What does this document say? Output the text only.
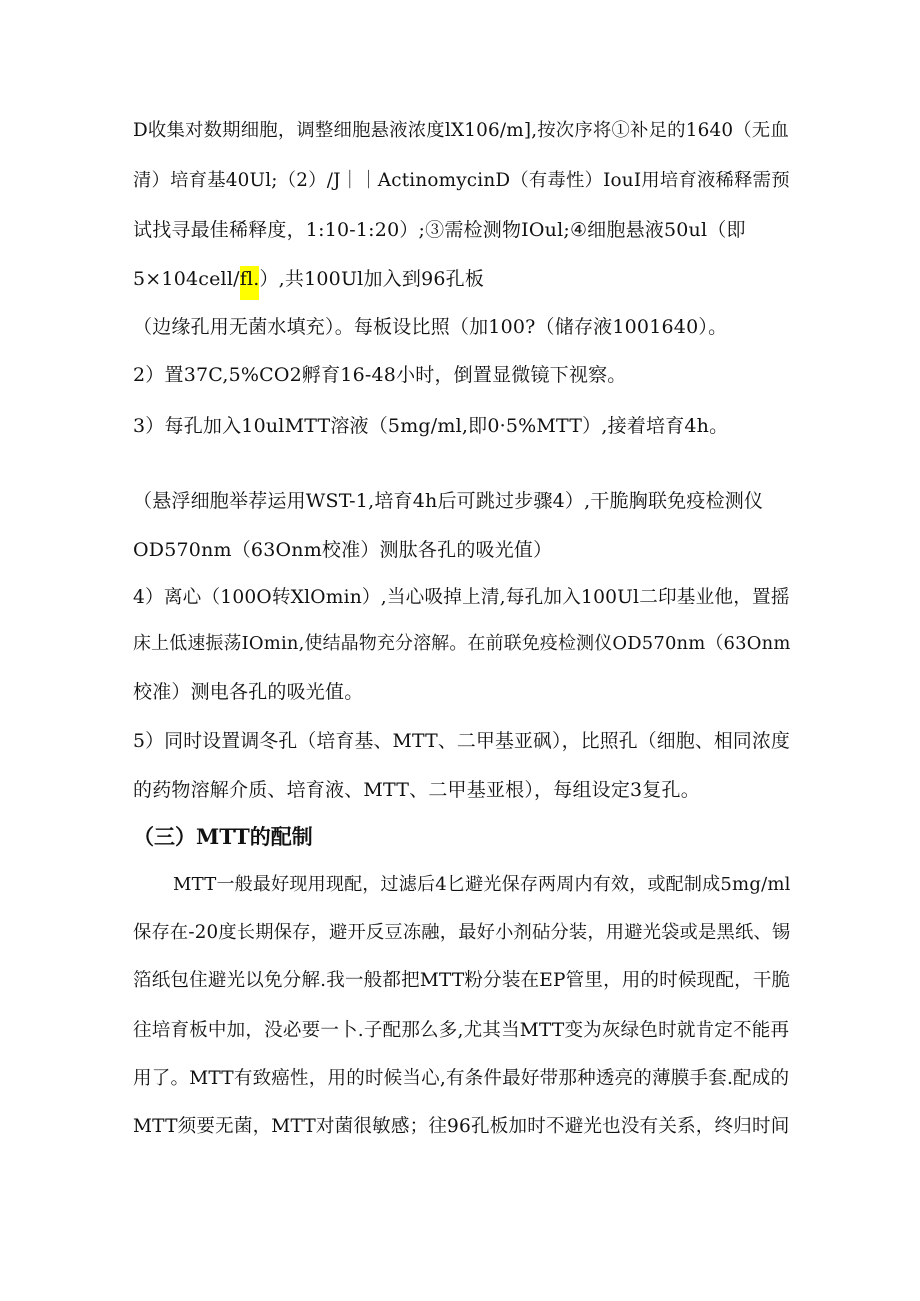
D收集对数期细胞，调整细胞悬液浓度lX106∕m],按次序将①补足的1640（无血
清）培育基40Ul;（2）/J｜｜ActinomycinD（有毒性）IouI用培育液稀释需预
试找寻最佳稀释度，1:10-1:20）;③需检测物IOul;④细胞悬液50ul（即
5×104cell∕fl.）,共100Ul加入到96孔板
（边缘孔用无菌水填充）。每板设比照（加100?（储存液1001640）。
2）置37C,5%CO2孵育16-48小时，倒置显微镜下视察。
3）每孔加入10ulMTT溶液（5mg∕ml,即0·5%MTT）,接着培育4h。
（悬浮细胞举荐运用WST-1,培育4h后可跳过步骤4）,干脆胸联免疫检测仪
OD570nm（63Onm校准）测肽各孔的吸光值）
4）离心（100O转XlOmin）,当心吸掉上清,每孔加入100Ul二印基业他，置摇
床上低速振荡IOmin,使结晶物充分溶解。在前联免疫检测仪OD570nm（63Onm
校准）测电各孔的吸光值。
5）同时设置调冬孔（培育基、MTT、二甲基亚砜），比照孔（细胞、相同浓度
的药物溶解介质、培育液、MTT、二甲基亚根），每组设定3复孔。
（三）MTT的配制
MTT一般最好现用现配，过滤后4匕避光保存两周内有效，或配制成5mg∕ml
保存在-20度长期保存，避开反豆冻融，最好小剂砧分装，用避光袋或是黑纸、锡
箔纸包住避光以免分解.我一般都把MTT粉分装在EP管里，用的时候现配，干脆
往培育板中加，没必要一卜.子配那么多,尤其当MTT变为灰绿色时就肯定不能再
用了。MTT有致癌性，用的时候当心,有条件最好带那种透亮的薄膜手套.配成的
MTT须要无菌，MTT对菌很敏感；往96孔板加时不避光也没有关系，终归时间
